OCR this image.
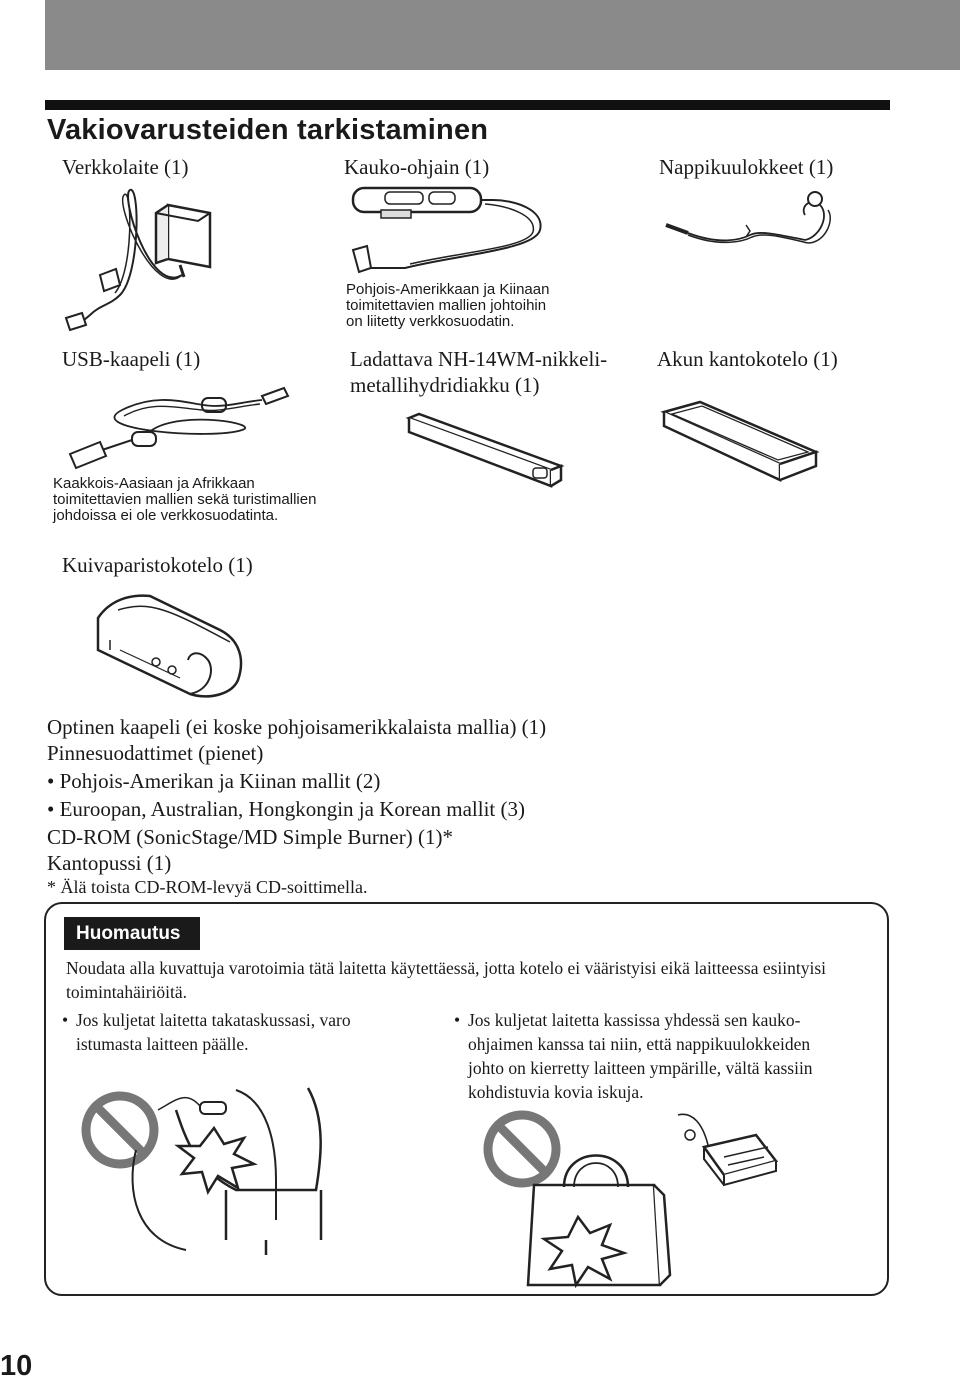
Vakiovarusteiden tarkistaminen
Verkkolaite (1)	Kauko-ohjain (1)	Nappikuulokkeet (1)
Pohjois-Amerikkaan ja Kiinaan
toimitettavien mallien johtoihin
on liitetty verkkosuodatin.
USB-kaapeli (1)	Ladattava NH-14WM-nikkeli-
metallihydridiakku (1)
Akun kantokotelo (1)
Kaakkois-Aasiaan ja Afrikkaan
toimitettavien mallien sekä turistimallien
johdoissa ei ole verkkosuodatinta.
Kuivaparistokotelo (1)
Optinen kaapeli (ei koske pohjoisamerikkalaista mallia) (1)
Pinnesuodattimet (pienet)
• Pohjois-Amerikan ja Kiinan mallit (2)
• Euroopan, Australian, Hongkongin ja Korean mallit (3)
CD-ROM (SonicStage/MD Simple Burner) (1)*
Kantopussi (1)
* Älä toista CD-ROM-levyä CD-soittimella.
Huomautus
Noudata alla kuvattuja varotoimia tätä laitetta käytettäessä, jotta kotelo ei vääristyisi eikä laitteessa esiintyisi toimintahäiriöitä.
• Jos kuljetat laitetta takataskussasi, varo
istumasta laitteen päälle.
• Jos kuljetat laitetta kassissa yhdessä sen kauko-
ohjaimen kanssa tai niin, että nappikuulokkeiden
johto on kierretty laitteen ympärille, vältä kassiin
kohdistuvia kovia iskuja.
10
